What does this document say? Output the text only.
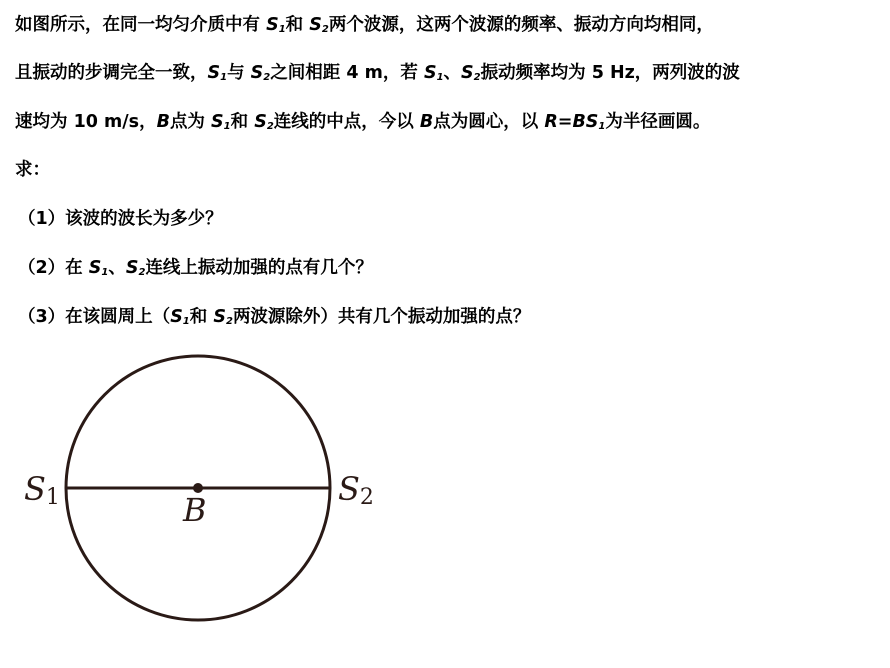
如图所示，在同一均匀介质中有 $S_1$和 $S_2$两个波源，这两个波源的频率、振动方向均相同，
且振动的步调完全一致，$S_1$与 $S_2$之间相距 4 m，若 $S_1$、$S_2$振动频率均为 5 Hz，两列波的波
速均为 10 m/s，B点为 $S_1$和 $S_2$连线的中点，今以 B点为圆心，以 $R=BS_1$为半径画圆。
求：
（1）该波的波长为多少？
（2）在 $S_1$、$S_2$连线上振动加强的点有几个？
（3）在该圆周上（$S_1$和 $S_2$两波源除外）共有几个振动加强的点？
S1	S2
B
